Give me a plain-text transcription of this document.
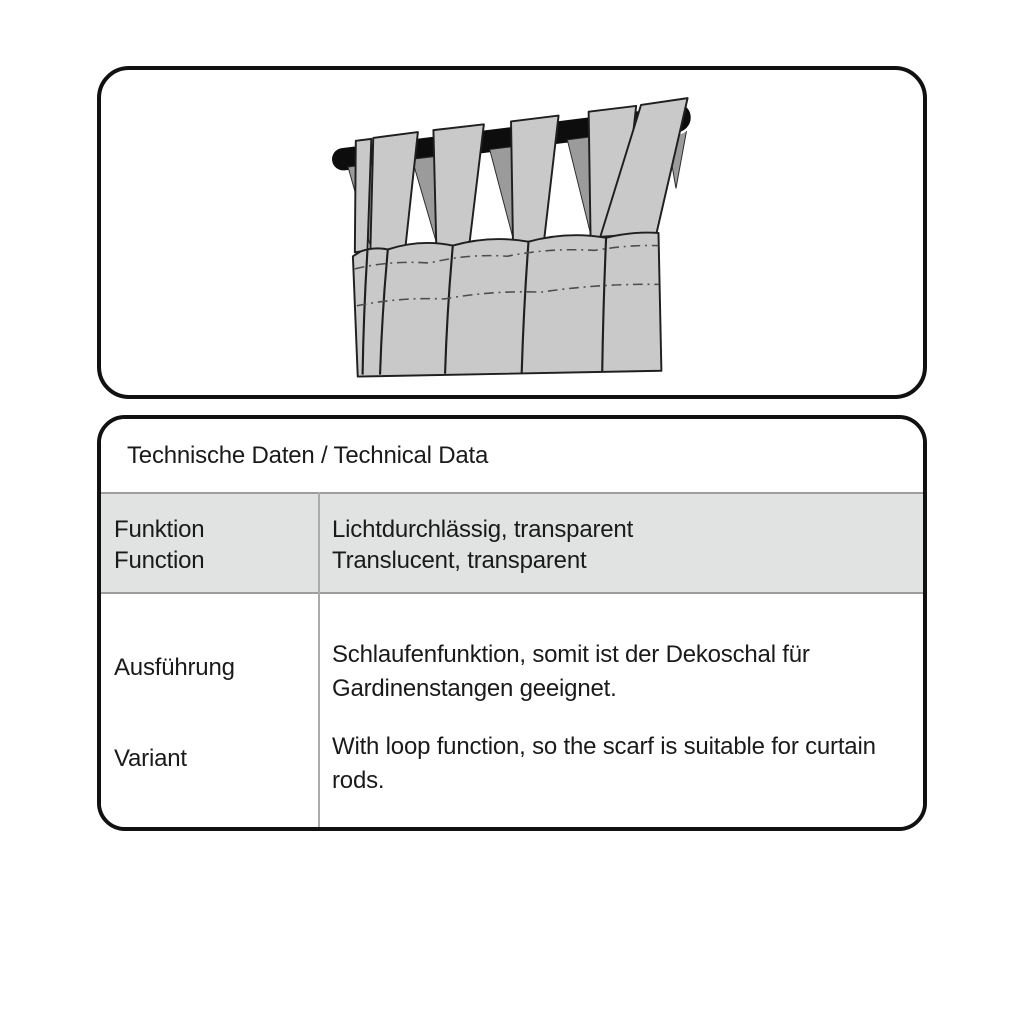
Technische Daten / Technical Data
Funktion
Function
Lichtdurchlässig, transparent
Translucent, transparent
Ausführung
Variant
Schlaufenfunktion, somit ist der Dekoschal für
Gardinenstangen geeignet.
With loop function, so the scarf is suitable for curtain
rods.
